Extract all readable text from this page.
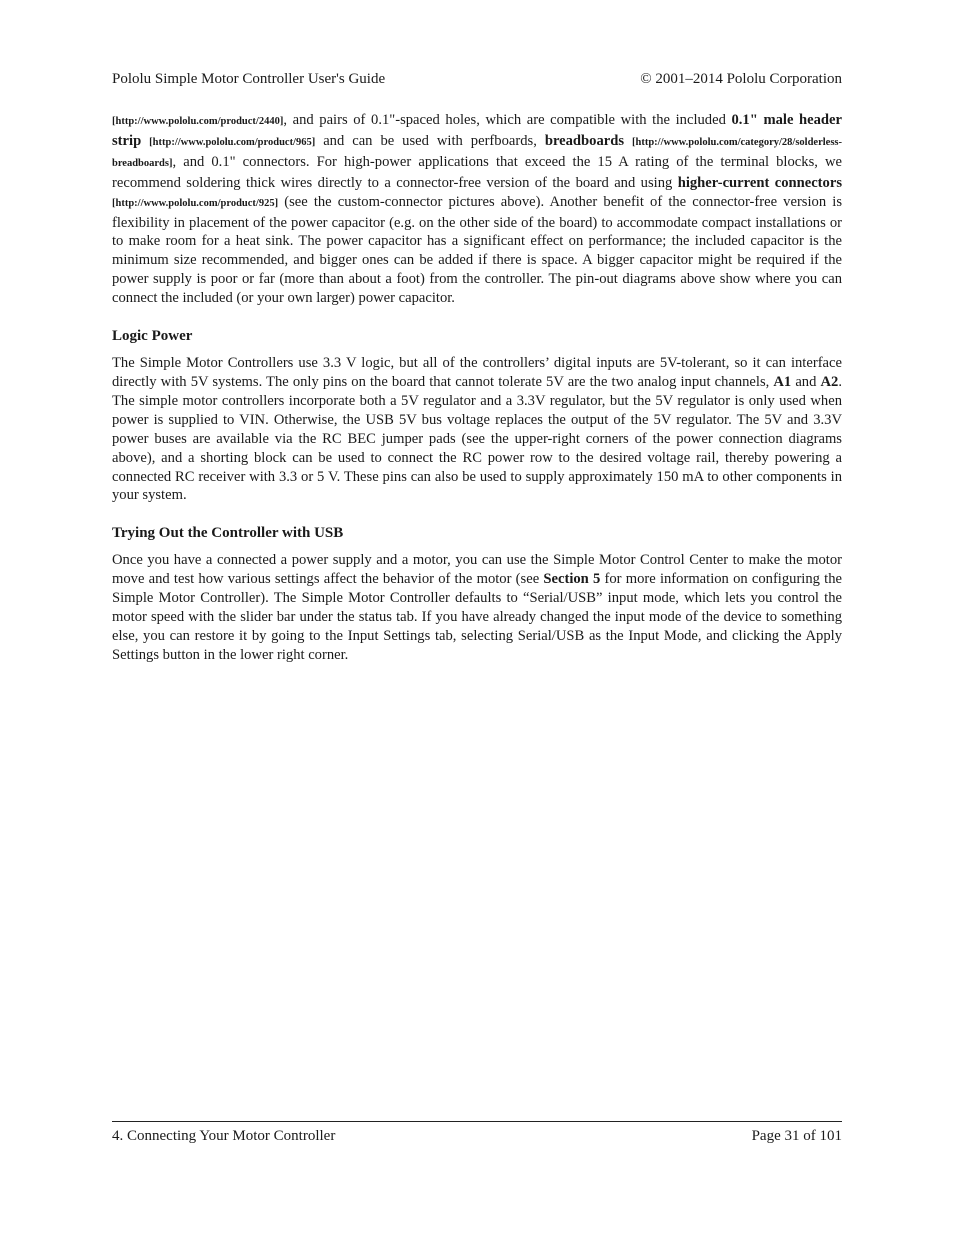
Pololu Simple Motor Controller User's Guide	© 2001–2014 Pololu Corporation

[http://www.pololu.com/product/2440], and pairs of 0.1"-spaced holes, which are compatible with the included 0.1" male header strip [http://www.pololu.com/product/965] and can be used with perfboards, breadboards [http://www.pololu.com/category/28/solderless-breadboards], and 0.1" connectors. For high-power applications that exceed the 15 A rating of the terminal blocks, we recommend soldering thick wires directly to a connector-free version of the board and using higher-current connectors [http://www.pololu.com/product/925] (see the custom-connector pictures above). Another benefit of the connector-free version is flexibility in placement of the power capacitor (e.g. on the other side of the board) to accommodate compact installations or to make room for a heat sink. The power capacitor has a significant effect on performance; the included capacitor is the minimum size recommended, and bigger ones can be added if there is space. A bigger capacitor might be required if the power supply is poor or far (more than about a foot) from the controller. The pin-out diagrams above show where you can connect the included (or your own larger) power capacitor.

Logic Power

The Simple Motor Controllers use 3.3 V logic, but all of the controllers’ digital inputs are 5V-tolerant, so it can interface directly with 5V systems. The only pins on the board that cannot tolerate 5V are the two analog input channels, A1 and A2. The simple motor controllers incorporate both a 5V regulator and a 3.3V regulator, but the 5V regulator is only used when power is supplied to VIN. Otherwise, the USB 5V bus voltage replaces the output of the 5V regulator. The 5V and 3.3V power buses are available via the RC BEC jumper pads (see the upper-right corners of the power connection diagrams above), and a shorting block can be used to connect the RC power row to the desired voltage rail, thereby powering a connected RC receiver with 3.3 or 5 V. These pins can also be used to supply approximately 150 mA to other components in your system.

Trying Out the Controller with USB

Once you have a connected a power supply and a motor, you can use the Simple Motor Control Center to make the motor move and test how various settings affect the behavior of the motor (see Section 5 for more information on configuring the Simple Motor Controller). The Simple Motor Controller defaults to “Serial/USB” input mode, which lets you control the motor speed with the slider bar under the status tab. If you have already changed the input mode of the device to something else, you can restore it by going to the Input Settings tab, selecting Serial/USB as the Input Mode, and clicking the Apply Settings button in the lower right corner.

4. Connecting Your Motor Controller	Page 31 of 101
